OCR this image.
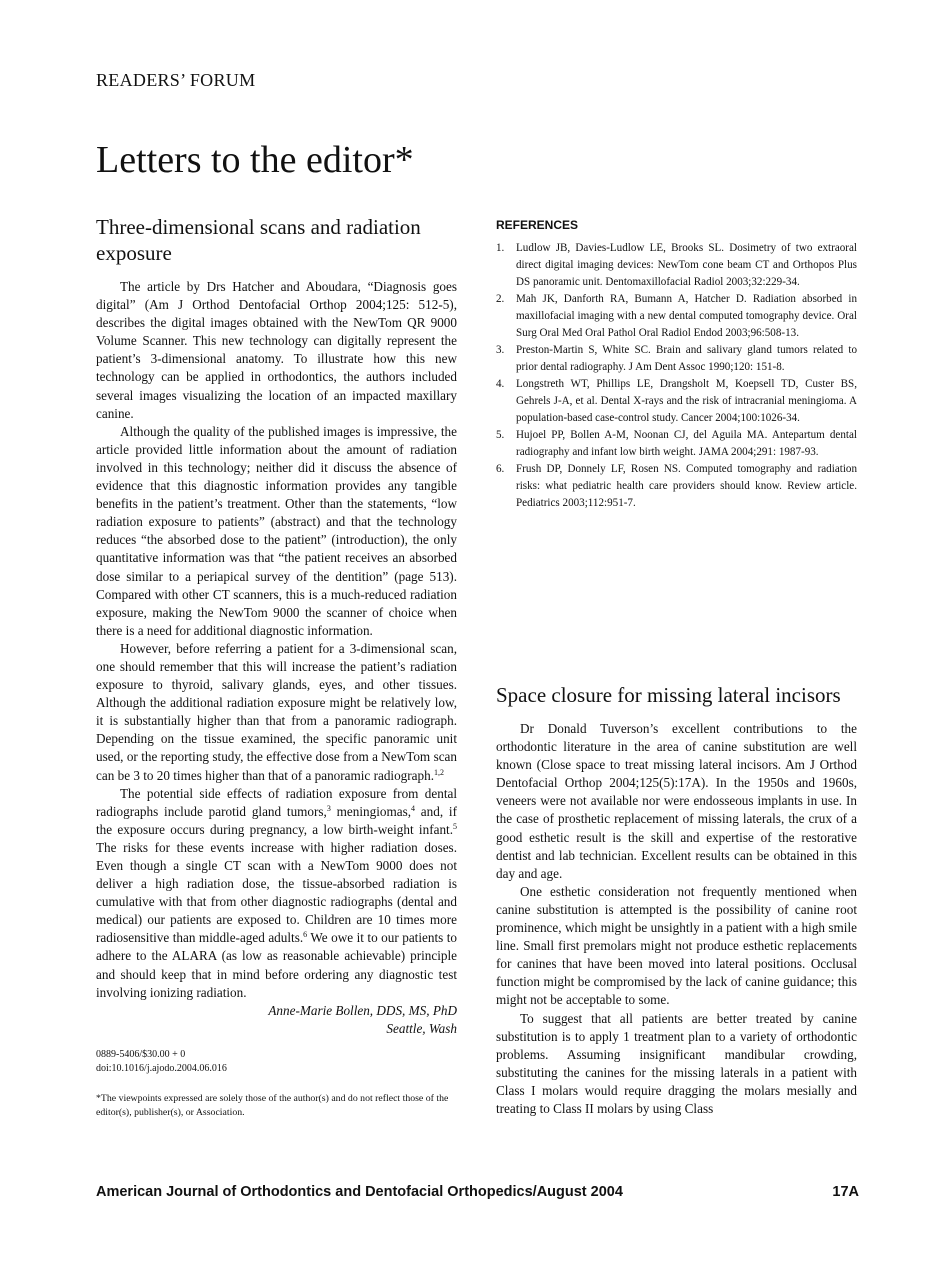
READERS’ FORUM
Letters to the editor*
Three-dimensional scans and radiation exposure

The article by Drs Hatcher and Aboudara, “Diagnosis goes digital” (Am J Orthod Dentofacial Orthop 2004;125: 512-5), describes the digital images obtained with the NewTom QR 9000 Volume Scanner. This new technology can digitally represent the patient’s 3-dimensional anatomy. To illustrate how this new technology can be applied in orthodontics, the authors included several images visualizing the location of an impacted maxillary canine.

Although the quality of the published images is impressive, the article provided little information about the amount of radiation involved in this technology; neither did it discuss the absence of evidence that this diagnostic information provides any tangible benefits in the patient’s treatment. Other than the statements, “low radiation exposure to patients” (abstract) and that the technology reduces “the absorbed dose to the patient” (introduction), the only quantitative information was that “the patient receives an absorbed dose similar to a periapical survey of the dentition” (page 513). Compared with other CT scanners, this is a much-reduced radiation exposure, making the NewTom 9000 the scanner of choice when there is a need for additional diagnostic information.

However, before referring a patient for a 3-dimensional scan, one should remember that this will increase the patient’s radiation exposure to thyroid, salivary glands, eyes, and other tissues. Although the additional radiation exposure might be relatively low, it is substantially higher than that from a panoramic radiograph. Depending on the tissue examined, the specific panoramic unit used, or the reporting study, the effective dose from a NewTom scan can be 3 to 20 times higher than that of a panoramic radiograph.$^{1,2}$

The potential side effects of radiation exposure from dental radiographs include parotid gland tumors,$^3$ meningiomas,$^4$ and, if the exposure occurs during pregnancy, a low birth-weight infant.$^5$ The risks for these events increase with higher radiation doses. Even though a single CT scan with a NewTom 9000 does not deliver a high radiation dose, the tissue-absorbed radiation is cumulative with that from other diagnostic radiographs (dental and medical) our patients are exposed to. Children are 10 times more radiosensitive than middle-aged adults.$^6$ We owe it to our patients to adhere to the ALARA (as low as reasonable achievable) principle and should keep that in mind before ordering any diagnostic test involving ionizing radiation.

Anne-Marie Bollen, DDS, MS, PhD
Seattle, Wash
0889-5406/$30.00 + 0
doi:10.1016/j.ajodo.2004.06.016
*The viewpoints expressed are solely those of the author(s) and do not reflect those of the editor(s), publisher(s), or Association.
REFERENCES
1.	Ludlow JB, Davies-Ludlow LE, Brooks SL. Dosimetry of two extraoral direct digital imaging devices: NewTom cone beam CT and Orthopos Plus DS panoramic unit. Dentomaxillofacial Radiol 2003;32:229-34.
2.	Mah JK, Danforth RA, Bumann A, Hatcher D. Radiation absorbed in maxillofacial imaging with a new dental computed tomography device. Oral Surg Oral Med Oral Pathol Oral Radiol Endod 2003;96:508-13.
3.	Preston-Martin S, White SC. Brain and salivary gland tumors related to prior dental radiography. J Am Dent Assoc 1990;120: 151-8.
4.	Longstreth WT, Phillips LE, Drangsholt M, Koepsell TD, Custer BS, Gehrels J-A, et al. Dental X-rays and the risk of intracranial meningioma. A population-based case-control study. Cancer 2004;100:1026-34.
5.	Hujoel PP, Bollen A-M, Noonan CJ, del Aguila MA. Antepartum dental radiography and infant low birth weight. JAMA 2004;291: 1987-93.
6.	Frush DP, Donnely LF, Rosen NS. Computed tomography and radiation risks: what pediatric health care providers should know. Review article. Pediatrics 2003;112:951-7.
Space closure for missing lateral incisors

Dr Donald Tuverson’s excellent contributions to the orthodontic literature in the area of canine substitution are well known (Close space to treat missing lateral incisors. Am J Orthod Dentofacial Orthop 2004;125(5):17A). In the 1950s and 1960s, veneers were not available nor were endosseous implants in use. In the case of prosthetic replacement of missing laterals, the crux of a good esthetic result is the skill and expertise of the restorative dentist and lab technician. Excellent results can be obtained in this day and age.

One esthetic consideration not frequently mentioned when canine substitution is attempted is the possibility of canine root prominence, which might be unsightly in a patient with a high smile line. Small first premolars might not produce esthetic replacements for canines that have been moved into lateral positions. Occlusal function might be compromised by the lack of canine guidance; this might not be acceptable to some.

To suggest that all patients are better treated by canine substitution is to apply 1 treatment plan to a variety of orthodontic problems. Assuming insignificant mandibular crowding, substituting the canines for the missing laterals in a patient with Class I molars would require dragging the molars mesially and treating to Class II molars by using Class

American Journal of Orthodontics and Dentofacial Orthopedics/August 2004	17A
